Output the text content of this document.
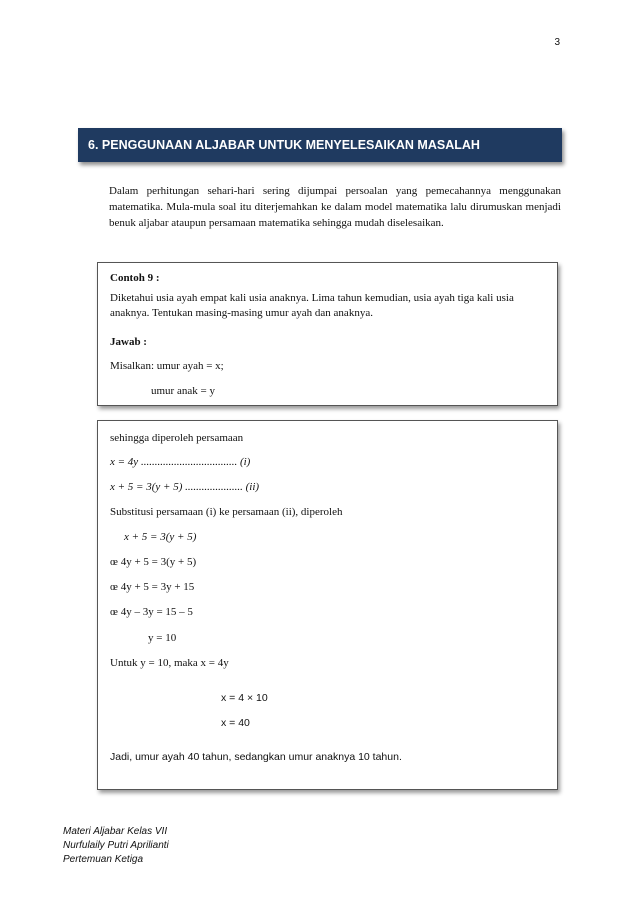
3
6. PENGGUNAAN ALJABAR UNTUK MENYELESAIKAN MASALAH

Dalam perhitungan sehari-hari sering dijumpai persoalan yang pemecahannya menggunakan matematika. Mula-mula soal itu diterjemahkan ke dalam model matematika lalu dirumuskan menjadi benuk aljabar ataupun persamaan matematika sehingga mudah diselesaikan.

Contoh 9 :
Diketahui usia ayah empat kali usia anaknya. Lima tahun kemudian, usia ayah tiga kali usia anaknya. Tentukan masing-masing umur ayah dan anaknya.
Jawab :
Misalkan: umur ayah = x;
umur anak = y
sehingga diperoleh persamaan
x = 4y ................................... (i)
x + 5 = 3(y + 5) ..................... (ii)
Substitusi persamaan (i) ke persamaan (ii), diperoleh
x + 5 = 3(y + 5)
œ 4y + 5 = 3(y + 5)
œ 4y + 5 = 3y + 15
œ 4y – 3y = 15 – 5
y = 10
Untuk y = 10, maka x = 4y
x = 4 × 10
x = 40
Jadi, umur ayah 40 tahun, sedangkan umur anaknya 10 tahun.
Materi Aljabar Kelas VII
Nurfulaily Putri Aprilianti
Pertemuan Ketiga
